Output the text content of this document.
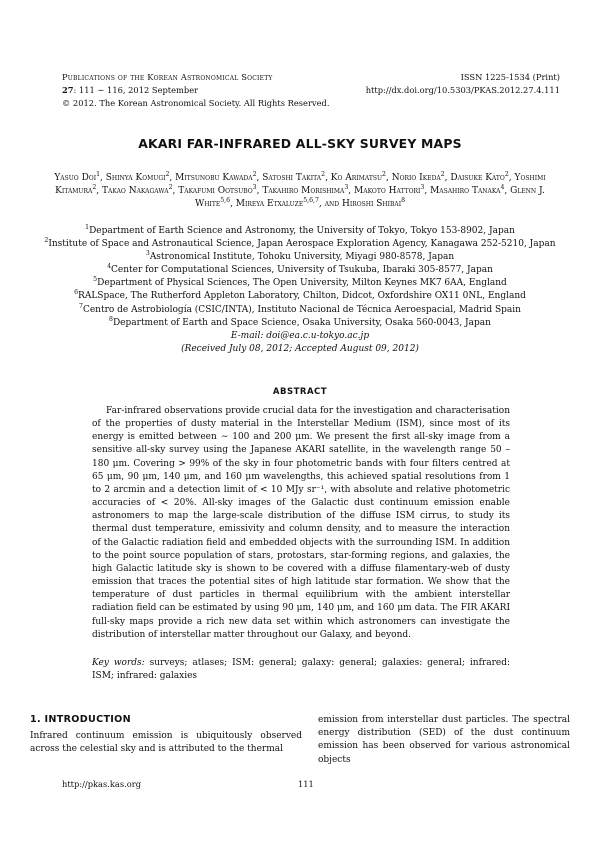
Publications of the Korean Astronomical Society
27: 111 ∼ 116, 2012 September
© 2012. The Korean Astronomical Society. All Rights Reserved.
ISSN 1225-1534 (Print)
http://dx.doi.org/10.5303/PKAS.2012.27.4.111
AKARI FAR-INFRARED ALL-SKY SURVEY MAPS
Yasuo Doi$^1$, Shinya Komugi$^2$, Mitsunobu Kawada$^2$, Satoshi Takita$^2$, Ko Arimatsu$^2$, Norio Ikeda$^2$, Daisuke Kato$^2$, Yoshimi Kitamura$^2$, Takao Nakagawa$^2$, Takafumi Ootsubo$^3$, Takahiro Morishima$^3$, Makoto Hattori$^3$, Masahiro Tanaka$^4$, Glenn J. White$^{5,6}$, Mireya Etxaluze$^{5,6,7}$, and Hiroshi Shibai$^8$
$^1$Department of Earth Science and Astronomy, the University of Tokyo, Tokyo 153-8902, Japan
$^2$Institute of Space and Astronautical Science, Japan Aerospace Exploration Agency, Kanagawa 252-5210, Japan
$^3$Astronomical Institute, Tohoku University, Miyagi 980-8578, Japan
$^4$Center for Computational Sciences, University of Tsukuba, Ibaraki 305-8577, Japan
$^5$Department of Physical Sciences, The Open University, Milton Keynes MK7 6AA, England
$^6$RALSpace, The Rutherford Appleton Laboratory, Chilton, Didcot, Oxfordshire OX11 0NL, England
$^7$Centro de Astrobiología (CSIC/INTA), Instituto Nacional de Técnica Aeroespacial, Madrid Spain
$^8$Department of Earth and Space Science, Osaka University, Osaka 560-0043, Japan
E-mail: doi@ea.c.u-tokyo.ac.jp
(Received July 08, 2012; Accepted August 09, 2012)
ABSTRACT
Far-infrared observations provide crucial data for the investigation and characterisation of the properties of dusty material in the Interstellar Medium (ISM), since most of its energy is emitted between ∼ 100 and 200 μm. We present the first all-sky image from a sensitive all-sky survey using the Japanese AKARI satellite, in the wavelength range 50 – 180 μm. Covering > 99% of the sky in four photometric bands with four filters centred at 65 μm, 90 μm, 140 μm, and 160 μm wavelengths, this achieved spatial resolutions from 1 to 2 arcmin and a detection limit of < 10 MJy sr⁻¹, with absolute and relative photometric accuracies of < 20%. All-sky images of the Galactic dust continuum emission enable astronomers to map the large-scale distribution of the diffuse ISM cirrus, to study its thermal dust temperature, emissivity and column density, and to measure the interaction of the Galactic radiation field and embedded objects with the surrounding ISM. In addition to the point source population of stars, protostars, star-forming regions, and galaxies, the high Galactic latitude sky is shown to be covered with a diffuse filamentary-web of dusty emission that traces the potential sites of high latitude star formation. We show that the temperature of dust particles in thermal equilibrium with the ambient interstellar radiation field can be estimated by using 90 μm, 140 μm, and 160 μm data. The FIR AKARI full-sky maps provide a rich new data set within which astronomers can investigate the distribution of interstellar matter throughout our Galaxy, and beyond.
Key words: surveys; atlases; ISM: general; galaxy: general; galaxies: general; infrared: ISM; infrared: galaxies
1. INTRODUCTION
Infrared continuum emission is ubiquitously observed across the celestial sky and is attributed to the thermal
emission from interstellar dust particles. The spectral energy distribution (SED) of the dust continuum emission has been observed for various astronomical objects
http://pkas.kas.org	111
